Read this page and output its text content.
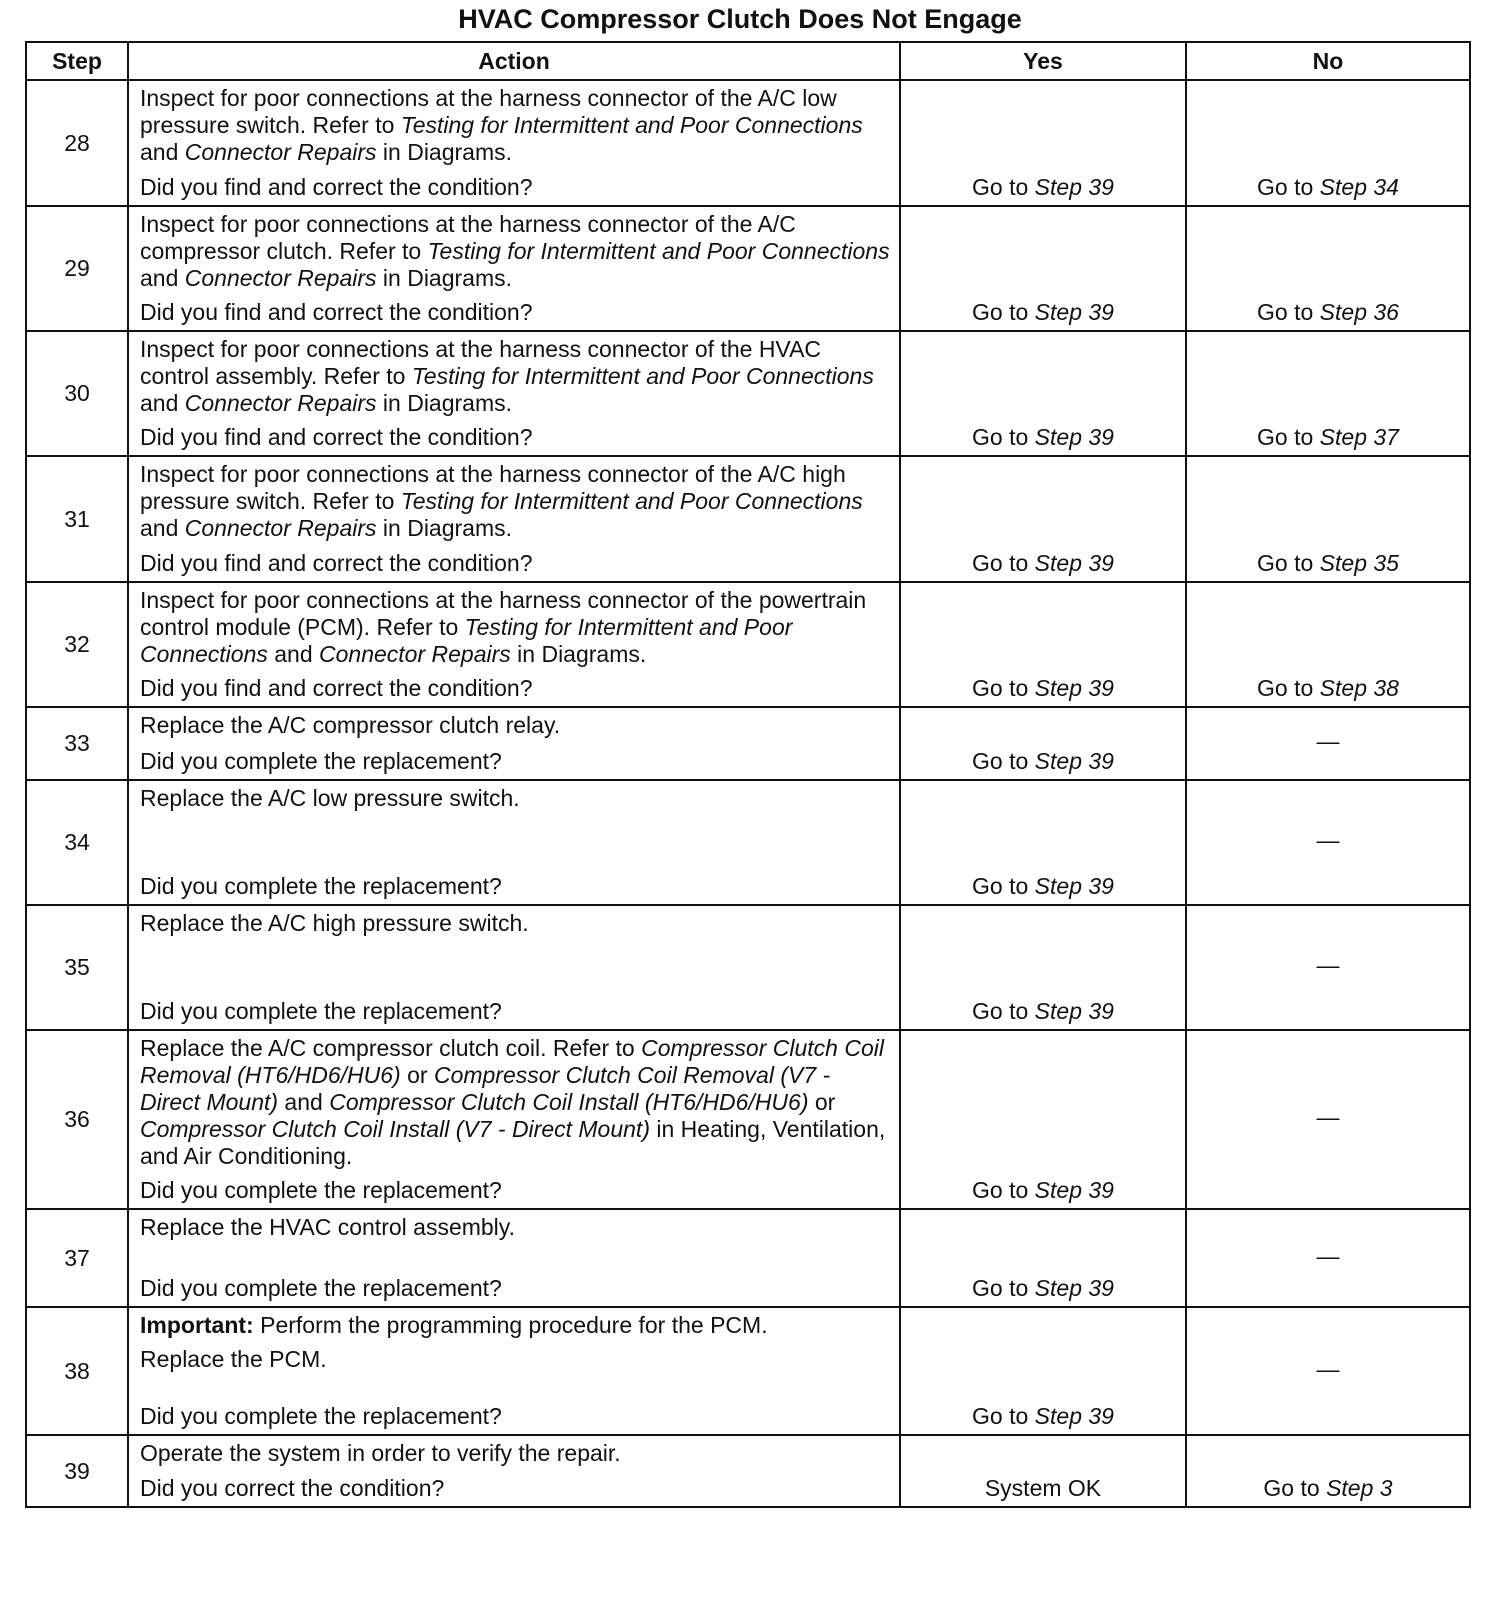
HVAC Compressor Clutch Does Not Engage
Step	Action	Yes	No
28	Inspect for poor connections at the harness connector of the A/C low pressure switch. Refer to Testing for Intermittent and Poor Connections and Connector Repairs in Diagrams.

Did you find and correct the condition?	Go to Step 39	Go to Step 34
29	Inspect for poor connections at the harness connector of the A/C compressor clutch. Refer to Testing for Intermittent and Poor Connections and Connector Repairs in Diagrams.

Did you find and correct the condition?	Go to Step 39	Go to Step 36
30	Inspect for poor connections at the harness connector of the HVAC control assembly. Refer to Testing for Intermittent and Poor Connections and Connector Repairs in Diagrams.

Did you find and correct the condition?	Go to Step 39	Go to Step 37
31	Inspect for poor connections at the harness connector of the A/C high pressure switch. Refer to Testing for Intermittent and Poor Connections and Connector Repairs in Diagrams.

Did you find and correct the condition?	Go to Step 39	Go to Step 35
32	Inspect for poor connections at the harness connector of the powertrain control module (PCM). Refer to Testing for Intermittent and Poor Connections and Connector Repairs in Diagrams.

Did you find and correct the condition?	Go to Step 39	Go to Step 38
33	Replace the A/C compressor clutch relay.

Did you complete the replacement?	Go to Step 39	—
34	Replace the A/C low pressure switch.

Did you complete the replacement?	Go to Step 39	—
35	Replace the A/C high pressure switch.

Did you complete the replacement?	Go to Step 39	—
36	Replace the A/C compressor clutch coil. Refer to Compressor Clutch Coil Removal (HT6/HD6/HU6) or Compressor Clutch Coil Removal (V7 - Direct Mount) and Compressor Clutch Coil Install (HT6/HD6/HU6) or Compressor Clutch Coil Install (V7 - Direct Mount) in Heating, Ventilation, and Air Conditioning.

Did you complete the replacement?	Go to Step 39	—
37	Replace the HVAC control assembly.

Did you complete the replacement?	Go to Step 39	—
38	Important: Perform the programming procedure for the PCM.

Replace the PCM.

Did you complete the replacement?	Go to Step 39	—
39	Operate the system in order to verify the repair.

Did you correct the condition?	System OK	Go to Step 3
